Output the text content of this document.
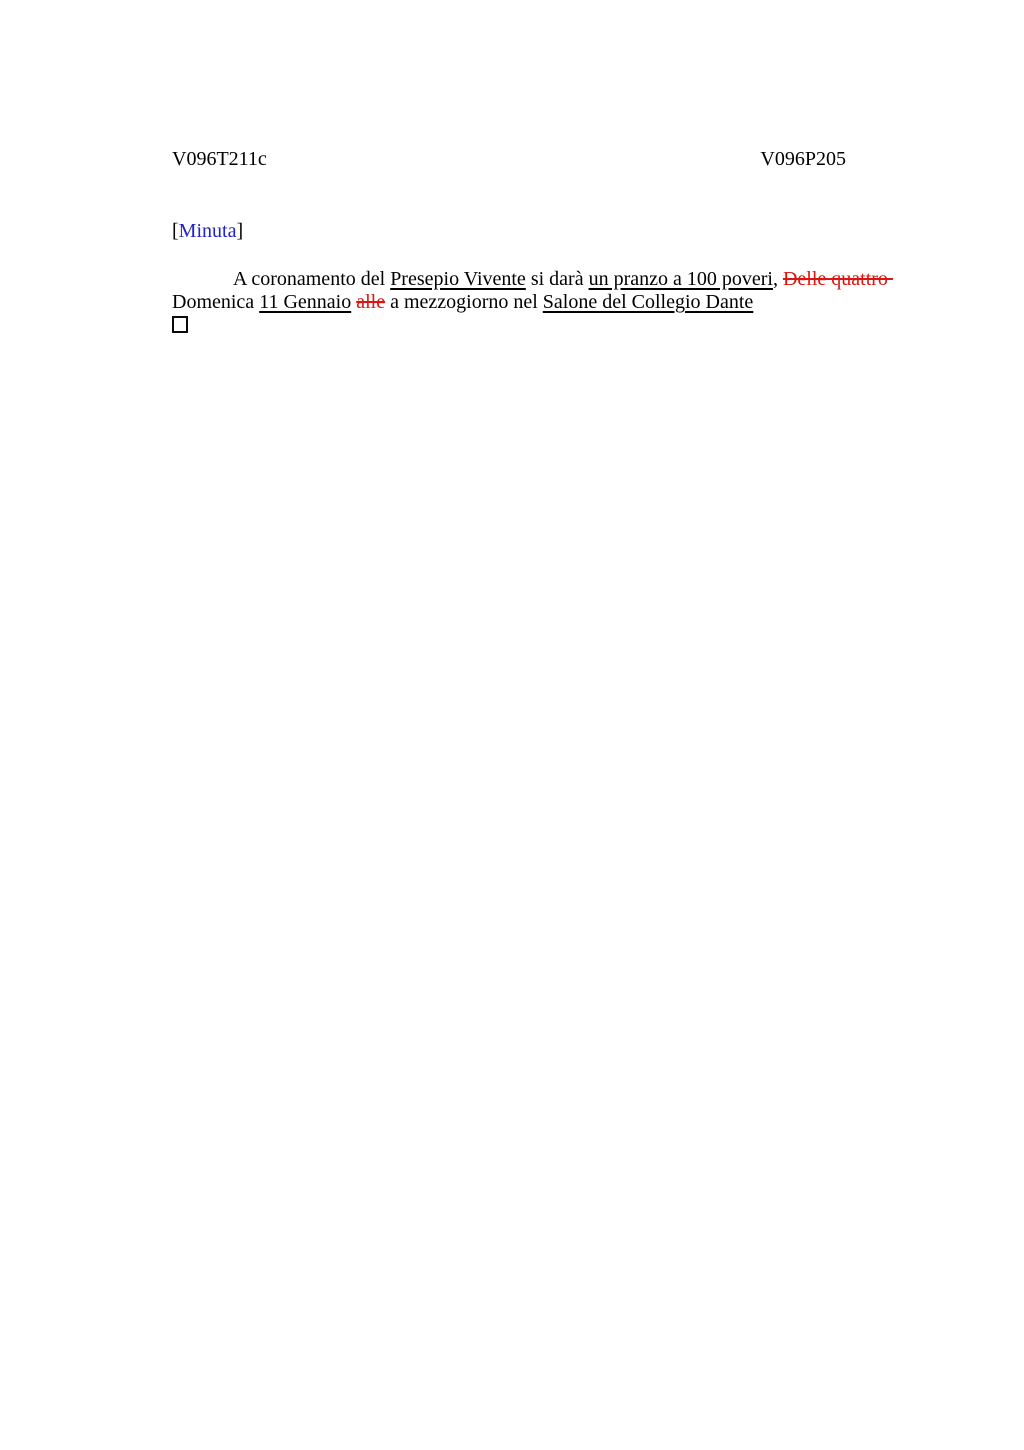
V096T211c	V096P205
[Minuta]
A coronamento del Presepio Vivente si darà un pranzo a 100 poveri, Delle quattro
Domenica 11 Gennaio alle a mezzogiorno nel Salone del Collegio Dante
